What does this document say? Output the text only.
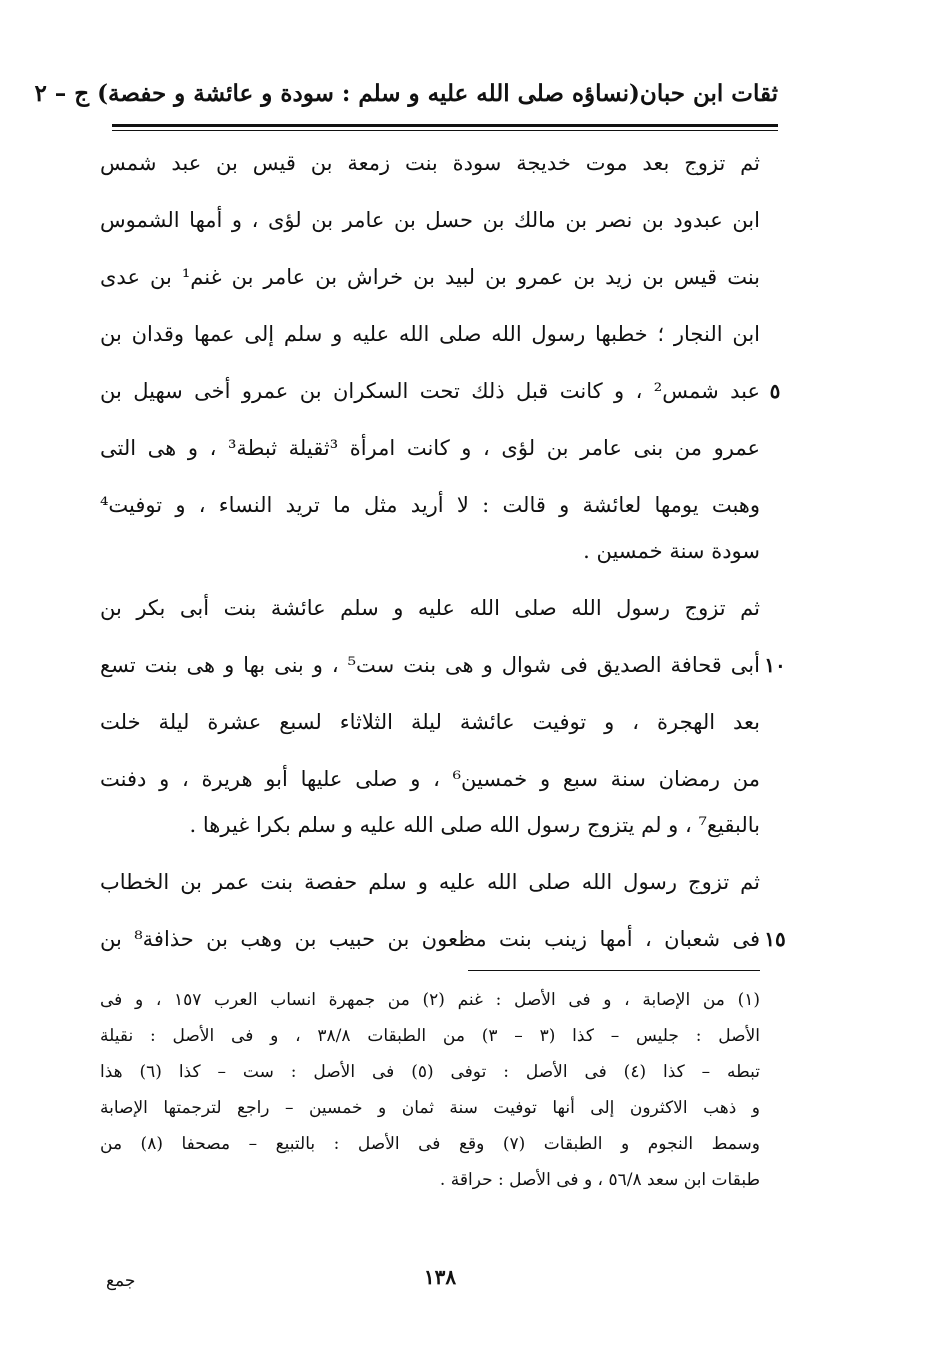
ثقات ابن حبان(نساؤه صلى الله عليه و سلم : سودة و عائشة و حفصة) ج – ٢
ثم تزوج بعد موت خديجة سودة بنت زمعة بن قيس بن عبد شمس
ابن عبدود بن نصر بن مالك بن حسل بن عامر بن لؤى ، و أمها الشموس
بنت قيس بن زيد بن عمرو بن لبيد بن خراش بن عامر بن غنم¹ بن عدى
ابن النجار ؛ خطبها رسول الله صلى الله عليه و سلم إلى عمها وقدان بن
٥
عبد شمس² ، و كانت قبل ذلك تحت السكران بن عمرو أخى سهيل بن
عمرو من بنى عامر بن لؤى ، و كانت امرأة ³ثقيلة ثبطة³ ، و هى التى
وهبت يومها لعائشة و قالت : لا أريد مثل ما تريد النساء ، و توفيت⁴
سودة سنة خمسين .
ثم تزوج رسول الله صلى الله عليه و سلم عائشة بنت أبى بكر بن
١٠
أبى قحافة الصديق فى شوال و هى بنت ست⁵ ، و بنى بها و هى بنت تسع
بعد الهجرة ، و توفيت عائشة ليلة الثلاثاء لسبع عشرة ليلة خلت
من رمضان سنة سبع و خمسين⁶ ، و صلى عليها أبو هريرة ، و دفنت
بالبقيع⁷ ، و لم يتزوج رسول الله صلى الله عليه و سلم بكرا غيرها .
ثم تزوج رسول الله صلى الله عليه و سلم حفصة بنت عمر بن الخطاب
١٥
فى شعبان ، أمها زينب بنت مظعون بن حبيب بن وهب بن حذافة⁸ بن
(١) من الإصابة ، و فى الأصل : غنم (٢) من جمهرة انساب العرب ١٥٧ ، و فى
الأصل : جليس – كذا (٣ – ٣) من الطبقات ٣٨/٨ ، و فى الأصل : نقيلة
تبطه – كذا (٤) فى الأصل : توفى (٥) فى الأصل : ست – كذا (٦) هذا
و ذهب الاكثرون إلى أنها توفيت سنة ثمان و خمسين – راجع لترجمتها الإصابة
وسمط النجوم و الطبقات (٧) وقع فى الأصل : بالتبيع – مصحفا (٨) من
طبقات ابن سعد ٥٦/٨ ، و فى الأصل : حراقة .
١٣٨
جمع
